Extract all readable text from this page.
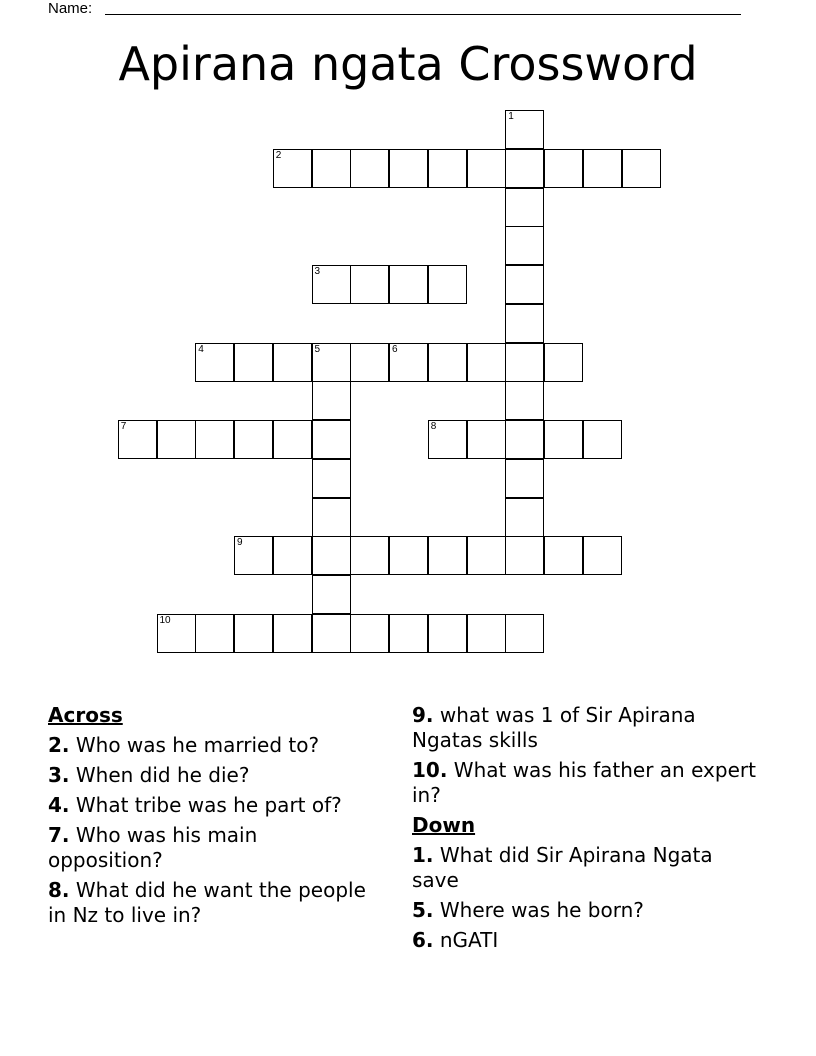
Name:
Apirana ngata Crossword
1
2
3
4	5	6
7	8
9
10
Across
2. Who was he married to?
3. When did he die?
4. What tribe was he part of?
7. Who was his main opposition?
8. What did he want the people in Nz to live in?
9. what was 1 of Sir Apirana Ngatas skills
10. What was his father an expert in?
Down
1. What did Sir Apirana Ngata save
5. Where was he born?
6. nGATI
